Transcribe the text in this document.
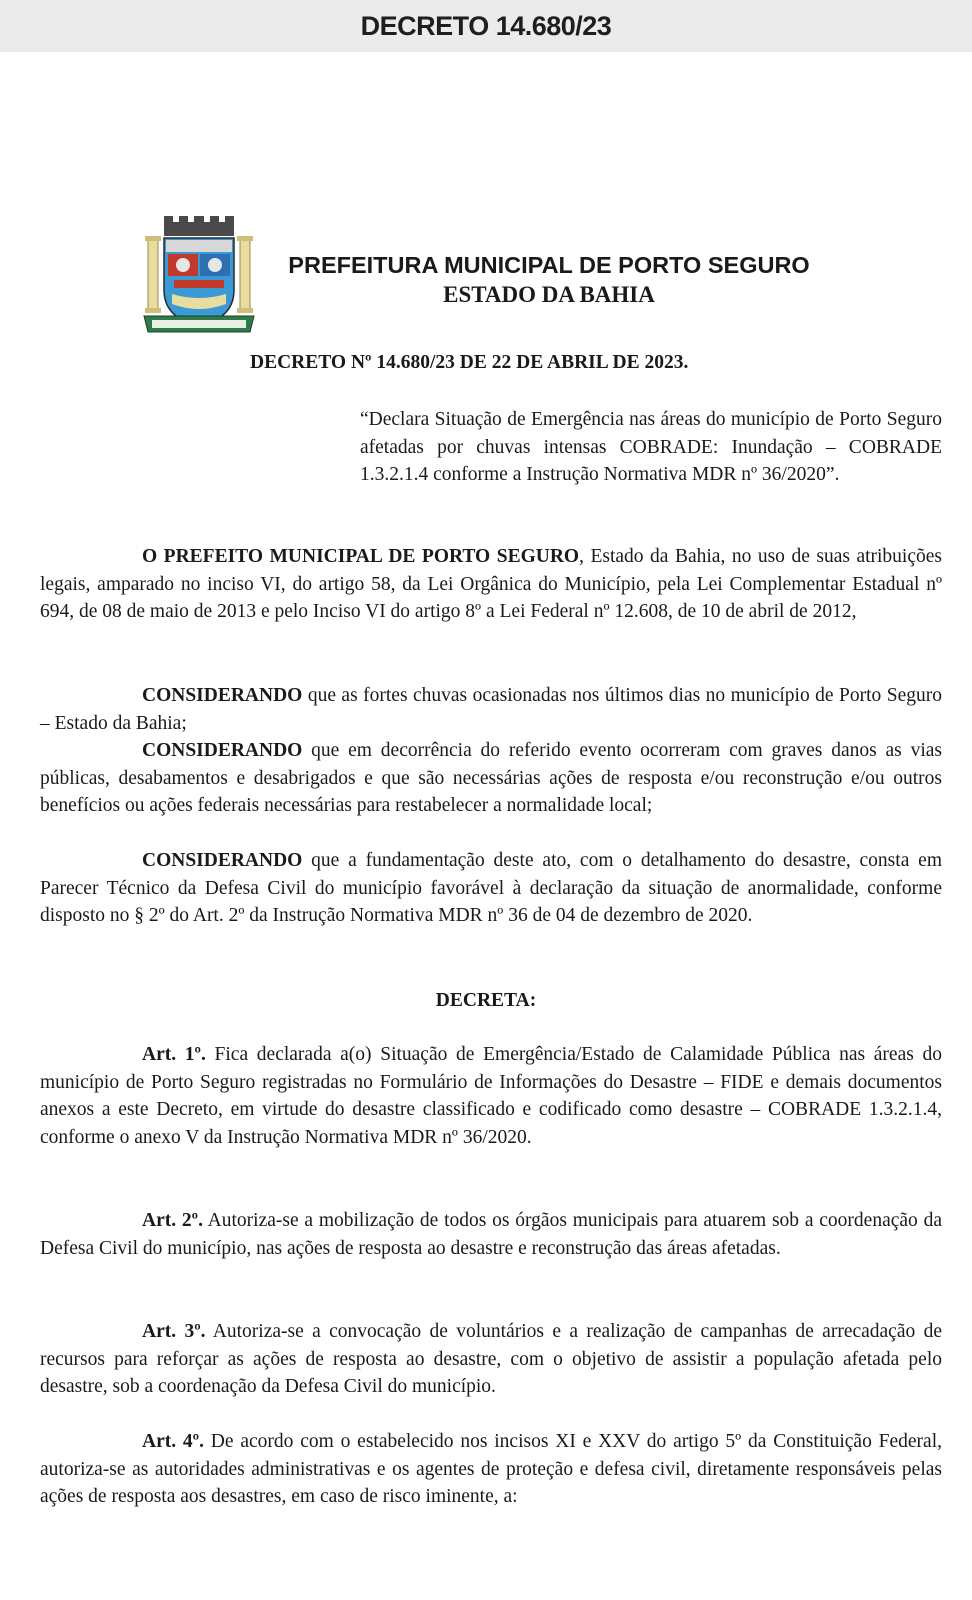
DECRETO 14.680/23
PREFEITURA MUNICIPAL DE PORTO SEGURO
ESTADO DA BAHIA
DECRETO Nº 14.680/23 DE 22 DE ABRIL DE 2023.
“Declara Situação de Emergência nas áreas do município de Porto Seguro afetadas por chuvas intensas COBRADE: Inundação – COBRADE 1.3.2.1.4 conforme a Instrução Normativa MDR nº 36/2020”.

O PREFEITO MUNICIPAL DE PORTO SEGURO, Estado da Bahia, no uso de suas atribuições legais, amparado no inciso VI, do artigo 58, da Lei Orgânica do Município, pela Lei Complementar Estadual nº 694, de 08 de maio de 2013 e pelo Inciso VI do artigo 8º a Lei Federal nº 12.608, de 10 de abril de 2012,

CONSIDERANDO que as fortes chuvas ocasionadas nos últimos dias no município de Porto Seguro – Estado da Bahia;

CONSIDERANDO que em decorrência do referido evento ocorreram com graves danos as vias públicas, desabamentos e desabrigados e que são necessárias ações de resposta e/ou reconstrução e/ou outros benefícios ou ações federais necessárias para restabelecer a normalidade local;

CONSIDERANDO que a fundamentação deste ato, com o detalhamento do desastre, consta em Parecer Técnico da Defesa Civil do município favorável à declaração da situação de anormalidade, conforme disposto no § 2º do Art. 2º da Instrução Normativa MDR nº 36 de 04 de dezembro de 2020.

DECRETA:

Art. 1º. Fica declarada a(o) Situação de Emergência/Estado de Calamidade Pública nas áreas do município de Porto Seguro registradas no Formulário de Informações do Desastre – FIDE e demais documentos anexos a este Decreto, em virtude do desastre classificado e codificado como desastre – COBRADE 1.3.2.1.4, conforme o anexo V da Instrução Normativa MDR nº 36/2020.

Art. 2º. Autoriza-se a mobilização de todos os órgãos municipais para atuarem sob a coordenação da Defesa Civil do município, nas ações de resposta ao desastre e reconstrução das áreas afetadas.

Art. 3º. Autoriza-se a convocação de voluntários e a realização de campanhas de arrecadação de recursos para reforçar as ações de resposta ao desastre, com o objetivo de assistir a população afetada pelo desastre, sob a coordenação da Defesa Civil do município.

Art. 4º. De acordo com o estabelecido nos incisos XI e XXV do artigo 5º da Constituição Federal, autoriza-se as autoridades administrativas e os agentes de proteção e defesa civil, diretamente responsáveis pelas ações de resposta aos desastres, em caso de risco iminente, a:
